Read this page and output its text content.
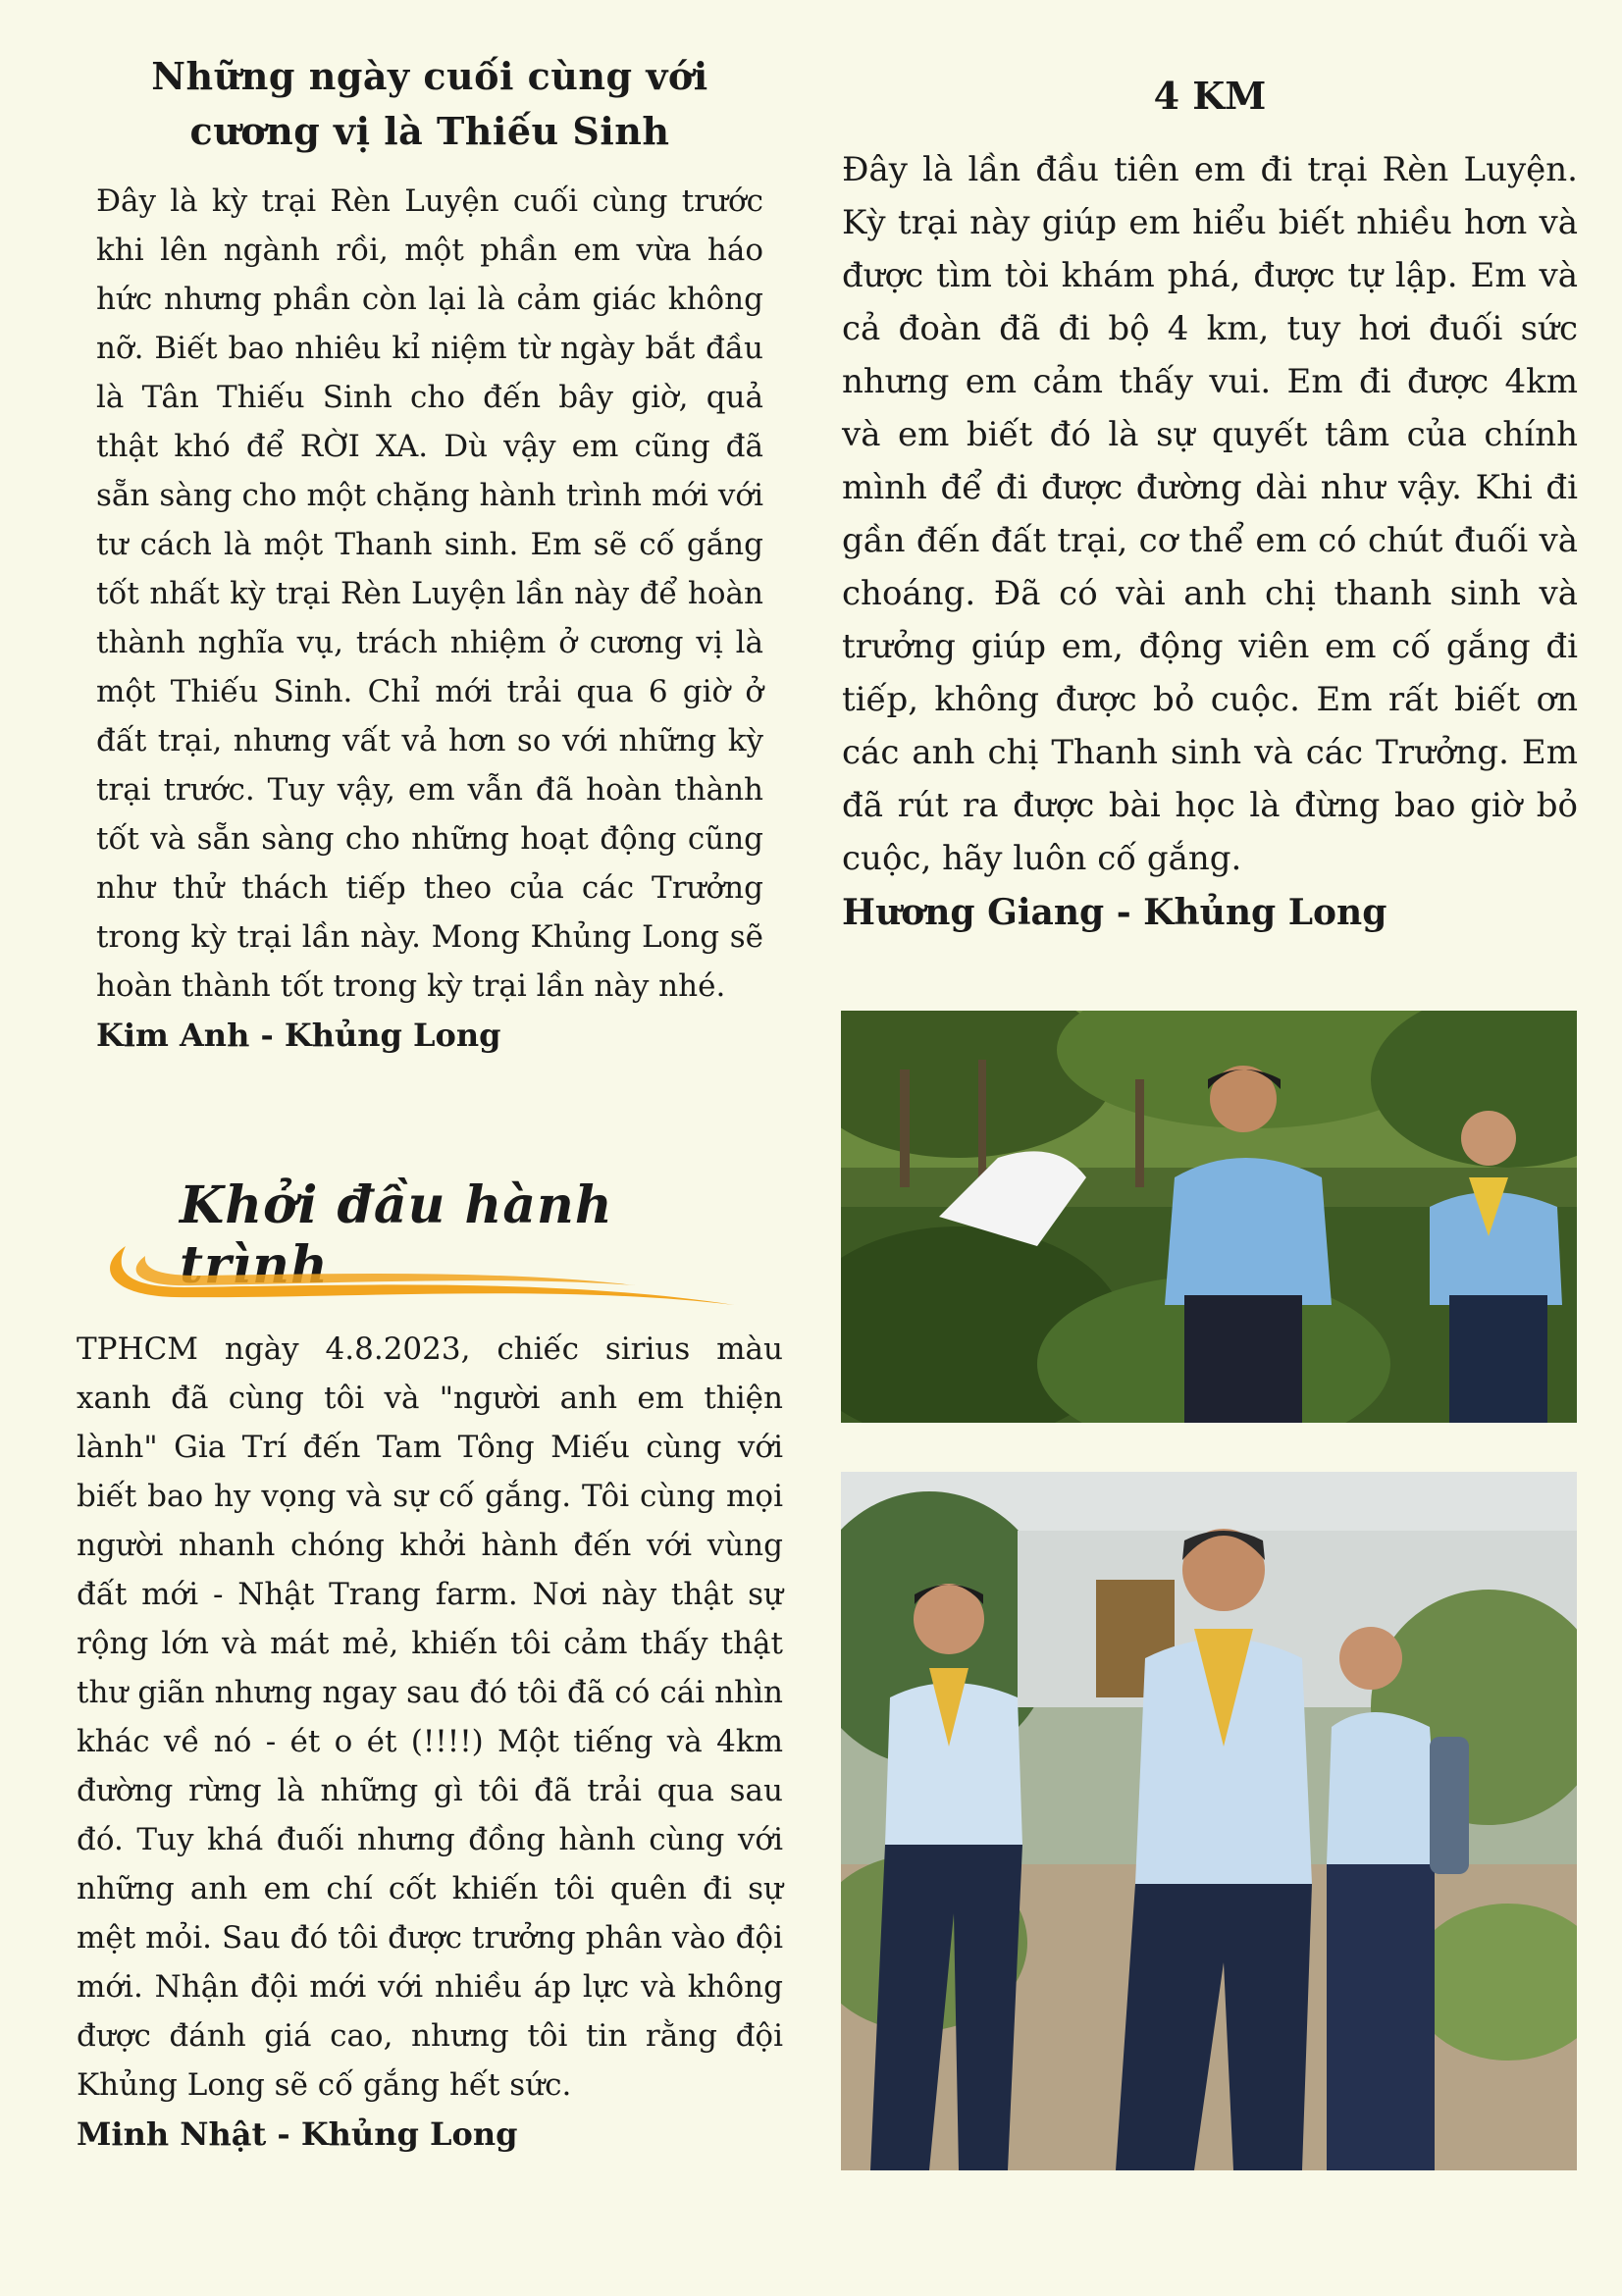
Những ngày cuối cùng với
cương vị là Thiếu Sinh

Đây là kỳ trại Rèn Luyện cuối cùng trước khi lên ngành rồi, một phần em vừa háo hức nhưng phần còn lại là cảm giác không nỡ. Biết bao nhiêu kỉ niệm từ ngày bắt đầu là Tân Thiếu Sinh cho đến bây giờ, quả thật khó để RỜI XA. Dù vậy em cũng đã sẵn sàng cho một chặng hành trình mới với tư cách là một Thanh sinh. Em sẽ cố gắng tốt nhất kỳ trại Rèn Luyện lần này để hoàn thành nghĩa vụ, trách nhiệm ở cương vị là một Thiếu Sinh. Chỉ mới trải qua 6 giờ ở đất trại, nhưng vất vả hơn so với những kỳ trại trước. Tuy vậy, em vẫn đã hoàn thành tốt và sẵn sàng cho những hoạt động cũng như thử thách tiếp theo của các Trưởng trong kỳ trại lần này. Mong Khủng Long sẽ hoàn thành tốt trong kỳ trại lần này nhé.

Kim Anh - Khủng Long

Khởi đầu hành trình

TPHCM ngày 4.8.2023, chiếc sirius màu xanh đã cùng tôi và "người anh em thiện lành" Gia Trí đến Tam Tông Miếu cùng với biết bao hy vọng và sự cố gắng. Tôi cùng mọi người nhanh chóng khởi hành đến với vùng đất mới - Nhật Trang farm. Nơi này thật sự rộng lớn và mát mẻ, khiến tôi cảm thấy thật thư giãn nhưng ngay sau đó tôi đã có cái nhìn khác về nó - ét o ét (!!!!) Một tiếng và 4km đường rừng là những gì tôi đã trải qua sau đó. Tuy khá đuối nhưng đồng hành cùng với những anh em chí cốt khiến tôi quên đi sự mệt mỏi. Sau đó tôi được trưởng phân vào đội mới. Nhận đội mới với nhiều áp lực và không được đánh giá cao, nhưng tôi tin rằng đội Khủng Long sẽ cố gắng hết sức.

Minh Nhật - Khủng Long

4 KM

Đây là lần đầu tiên em đi trại Rèn Luyện. Kỳ trại này giúp em hiểu biết nhiều hơn và được tìm tòi khám phá, được tự lập. Em và cả đoàn đã đi bộ 4 km, tuy hơi đuối sức nhưng em cảm thấy vui. Em đi được 4km và em biết đó là sự quyết tâm của chính mình để đi được đường dài như vậy. Khi đi gần đến đất trại, cơ thể em có chút đuối và choáng. Đã có vài anh chị thanh sinh và trưởng giúp em, động viên em cố gắng đi tiếp, không được bỏ cuộc. Em rất biết ơn các anh chị Thanh sinh và các Trưởng. Em đã rút ra được bài học là đừng bao giờ bỏ cuộc, hãy luôn cố gắng.

Hương Giang - Khủng Long
